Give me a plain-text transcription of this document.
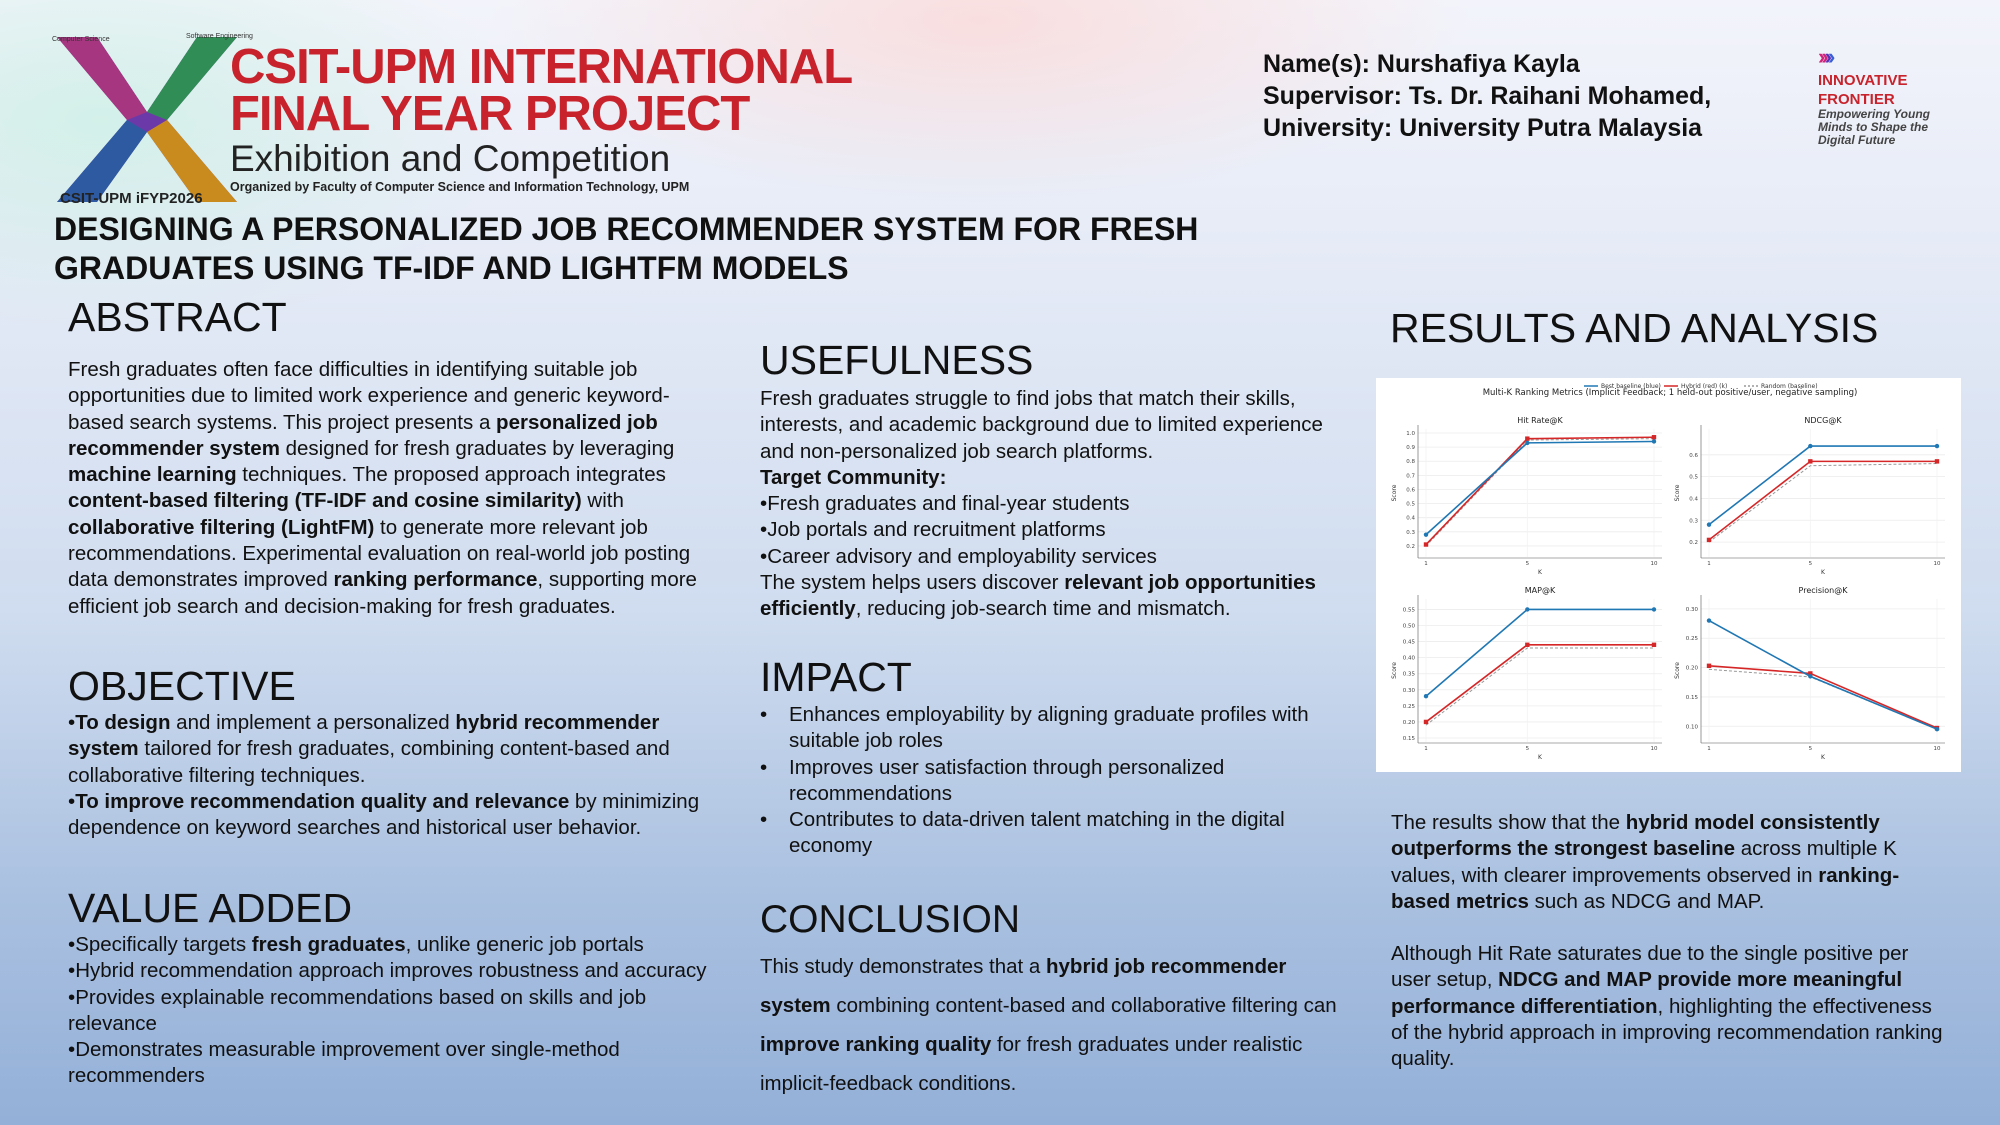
Computer Science	Software Engineering
CSIT-UPM iFYP2026
CSIT-UPM INTERNATIONAL
FINAL YEAR PROJECT
Exhibition and Competition
Organized by Faculty of Computer Science and Information Technology, UPM
Name(s): Nurshafiya Kayla
Supervisor: Ts. Dr. Raihani Mohamed,
University: University Putra Malaysia
››››
INNOVATIVE
FRONTIER
Empowering Young
Minds to Shape the
Digital Future
DESIGNING A PERSONALIZED JOB RECOMMENDER SYSTEM FOR FRESH
GRADUATES USING TF-IDF AND LIGHTFM MODELS
ABSTRACT
Fresh graduates often face difficulties in identifying suitable job opportunities due to limited work experience and generic keyword-based search systems. This project presents a personalized job recommender system designed for fresh graduates by leveraging machine learning techniques. The proposed approach integrates content-based filtering (TF-IDF and cosine similarity) with collaborative filtering (LightFM) to generate more relevant job recommendations. Experimental evaluation on real-world job posting data demonstrates improved ranking performance, supporting more efficient job search and decision-making for fresh graduates.
OBJECTIVE
•To design and implement a personalized hybrid recommender system tailored for fresh graduates, combining content-based and collaborative filtering techniques.
•To improve recommendation quality and relevance by minimizing dependence on keyword searches and historical user behavior.
VALUE ADDED
•Specifically targets fresh graduates, unlike generic job portals
•Hybrid recommendation approach improves robustness and accuracy
•Provides explainable recommendations based on skills and job relevance
•Demonstrates measurable improvement over single-method recommenders
USEFULNESS
Fresh graduates struggle to find jobs that match their skills, interests, and academic background due to limited experience and non-personalized job search platforms.
Target Community:
•Fresh graduates and final-year students
•Job portals and recruitment platforms
•Career advisory and employability services
The system helps users discover relevant job opportunities efficiently, reducing job-search time and mismatch.
IMPACT
•	Enhances employability by aligning graduate profiles with suitable job roles
•	Improves user satisfaction through personalized recommendations
•	Contributes to data-driven talent matching in the digital economy
CONCLUSION
This study demonstrates that a hybrid job recommender system combining content-based and collaborative filtering can improve ranking quality for fresh graduates under realistic implicit-feedback conditions.
RESULTS AND ANALYSIS
Multi-K Ranking Metrics (Implicit Feedback; 1 held-out positive/user, negative sampling)
Best baseline (blue)	Hybrid (red) (k)	Random (baseline)
Hit Rate@K
1.0
0.9
0.8
0.7
0.6
0.5
0.4
0.3
0.2
1	5	10
K
Score
NDCG@K
0.6
0.5
0.4
0.3
0.2
1	5	10
K
Score
MAP@K
0.55
0.50
0.45
0.40
0.35
0.30
0.25
0.20
0.15
1	5	10
K
Score
Precision@K
0.30
0.25
0.20
0.15
0.10
1	5	10
K
Score
The results show that the hybrid model consistently outperforms the strongest baseline across multiple K values, with clearer improvements observed in ranking-based metrics such as NDCG and MAP.
Although Hit Rate saturates due to the single positive per user setup, NDCG and MAP provide more meaningful performance differentiation, highlighting the effectiveness of the hybrid approach in improving recommendation ranking quality.
